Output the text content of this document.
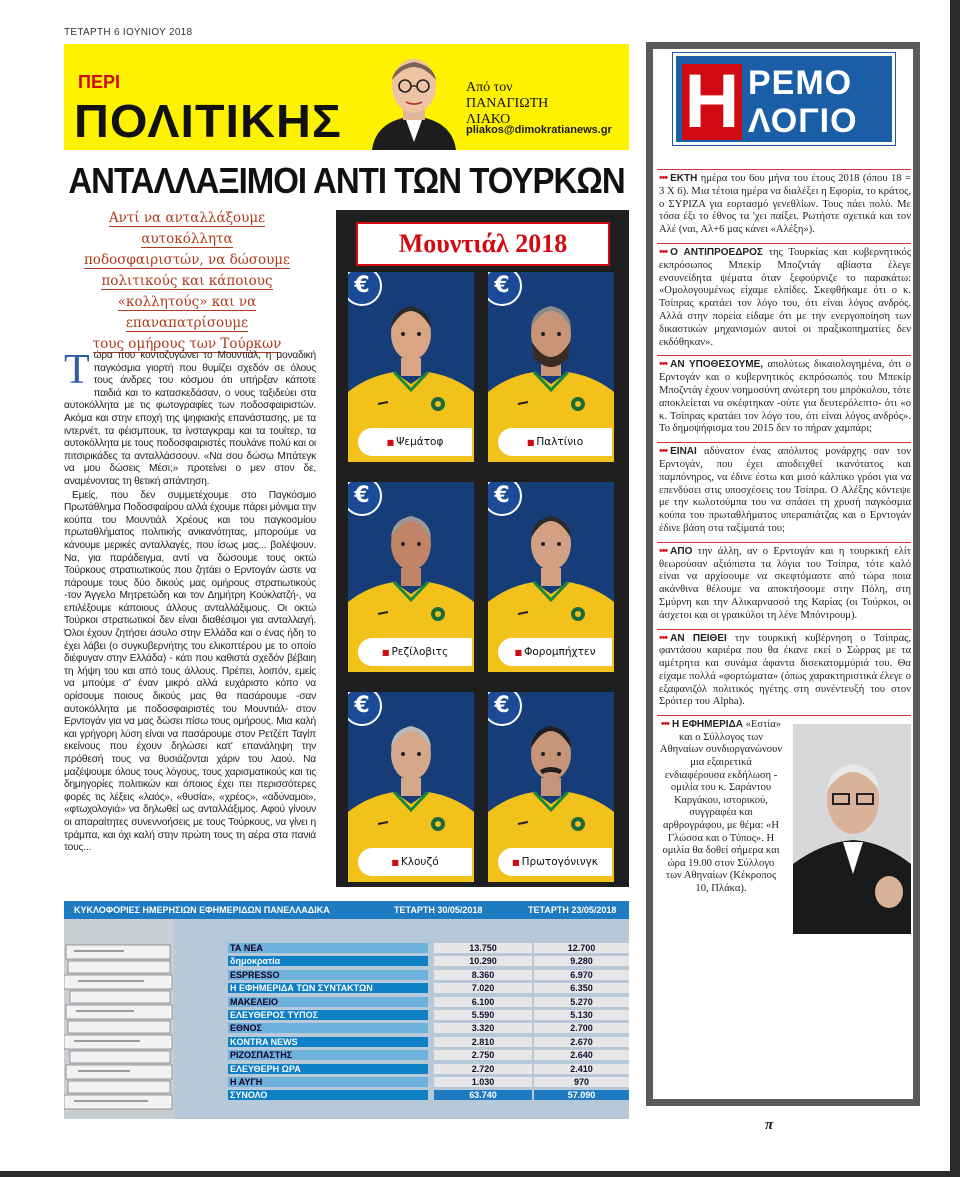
ΤΕΤΑΡΤΗ 6 ΙΟΥΝΙΟΥ 2018
ΠΕΡΙ
ΠΟΛΙΤΙΚΗΣ
Από τον
ΠΑΝΑΓΙΩΤΗ
ΛΙΑΚΟ
pliakos@dimokratianews.gr
ΑΝΤΑΛΛΑΞΙΜΟΙ ΑΝΤΙ ΤΩΝ ΤΟΥΡΚΩΝ
Αντί να ανταλλάξουμε αυτοκόλλητα
ποδοσφαιριστών, να δώσουμε
πολιτικούς και κάποιους
«κολλητούς» και να επαναπατρίσουμε
τους ομήρους των Τούρκων

Τώρα που κοντοζυγώνει το Μουντιάλ, η μοναδική παγκόσμια γιορτή που θυμίζει σχεδόν σε όλους τους άνδρες του κόσμου ότι υπήρξαν κάποτε παιδιά και το κατασκεδάσαν, ο νους ταξιδεύει στα αυτοκόλλητα με τις φωτογραφίες των ποδοσφαιριστών. Ακόμα και στην εποχή της ψηφιακής επανάστασης, με τα ιντερνέτ, τα φέισμπουκ, τα ίνσταγκραμ και τα τουίτερ, τα αυτοκόλλητα με τους ποδοσφαιριστές πουλάνε πολύ και οι πιτσιρικάδες τα ανταλλάσσουν. «Να σου δώσω Μπάτεγκ να μου δώσεις Μέσι;» προτείνει ο μεν στον δε, αναμένοντας τη θετική απάντηση.

Εμείς, που δεν συμμετέχουμε στο Παγκόσμιο Πρωτάθλημα Ποδοσφαίρου αλλά έχουμε πάρει μόνιμα την κούπα του Μουντιάλ Χρέους και του παγκοσμίου πρωταθλήματος πολιτικής ανικανότητας, μπορούμε να κάνουμε μερικές ανταλλαγές, που ίσως μας... βολέψουν. Να, για παράδειγμα, αντί να δώσουμε τους οκτώ Τούρκους στρατιωτικούς που ζητάει ο Ερντογάν ώστε να πάρουμε τους δύο δικούς μας ομήρους στρατιωτικούς -τον Άγγελο Μητρετώδη και τον Δημήτρη Κούκλατζή-, να επιλέξουμε κάποιους άλλους ανταλλάξιμους. Οι οκτώ Τούρκοι στρατιωτικοί δεν είναι διαθέσιμοι για ανταλλαγή. Όλοι έχουν ζητήσει άσυλο στην Ελλάδα και ο ένας ήδη το έχει λάβει (ο συγκυβερνήτης του ελικοπτέρου με το οποίο διέφυγαν στην Ελλάδα) - κάτι που καθιστά σχεδόν βέβαιη τη λήψη του και από τους άλλους. Πρέπει, λοιπόν, εμείς να μπούμε σ' έναν μικρό αλλά ευχάριστο κόπο να ορίσουμε ποιους δικούς μας θα πασάρουμε -σαν αυτοκόλλητα με ποδοσφαιριστές του Μουντιάλ- στον Ερντογάν για να μας δώσει πίσω τους ομήρους. Μια καλή και γρήγορη λύση είναι να πασάρουμε στον Ρετζέπ Ταγίπ εκείνους που έχουν δηλώσει κατ' επανάληψη την πρόθεσή τους να θυσιάζονται χάριν του λαού. Να μαζέψουμε όλους τους λόγους, τους χαρισματικούς και τις δημηγορίες πολιτικών και όποιος έχει πει περισσότερες φορές τις λέξεις «λαός», «θυσία», «χρέος», «αδύναμοι», «φτωχολογιά» να δηλωθεί ως ανταλλάξιμος. Αφού γίνουν οι απαραίτητες συνεννοήσεις με τους Τούρκους, να γίνει η τράμπα, και όχι καλή στην πρώτη τους τη αέρα στα πανιά τους...

Μουντιάλ 2018
€
■ Ψεμάτοφ
€
■ Παλτίνιο
€
■ Ρεζίλοβιτς
€
■ Φορομπήχτεν
€
■ Κλουζό
€
■ Πρωτογόνινγκ
ΚΥΚΛΟΦΟΡΙΕΣ ΗΜΕΡΗΣΙΩΝ ΕΦΗΜΕΡΙΔΩΝ ΠΑΝΕΛΛΑΔΙΚΑ	ΤΕΤΑΡΤΗ 30/05/2018	ΤΕΤΑΡΤΗ 23/05/2018
ΤΑ ΝΕΑ	13.750	12.700
δημοκρατία	10.290	9.280
ESPRESSO	8.360	6.970
Η ΕΦΗΜΕΡΙΔΑ ΤΩΝ ΣΥΝΤΑΚΤΩΝ	7.020	6.350
ΜΑΚΕΛΕΙΟ	6.100	5.270
ΕΛΕΥΘΕΡΟΣ ΤΥΠΟΣ	5.590	5.130
ΕΘΝΟΣ	3.320	2.700
KONTRA NEWS	2.810	2.670
ΡΙΖΟΣΠΑΣΤΗΣ	2.750	2.640
ΕΛΕΥΘΕΡΗ ΩΡΑ	2.720	2.410
Η ΑΥΓΗ	1.030	970
ΣΥΝΟΛΟ	63.740	57.090
Η ΡΕΜΟ
ΛΟΓΙΟ
••• ΕΚΤΗ ημέρα του 6ου μήνα του έτους 2018 (όπου 18 = 3 X 6). Μια τέτοια ημέρα να διαλέξει η Εφορία, το κράτος, ο ΣΥΡΙΖΑ για εορτασμό γενεθλίων. Τους πάει πολύ. Με τόσα έξι το έθνος τα 'χει παίξει. Ρωτήστε σχετικά και τον Αλέ (ναι, Αλ+6 μας κάνει «Αλέξη»).
••• Ο ΑΝΤΙΠΡΟΕΔΡΟΣ της Τουρκίας και κυβερνητικός εκπρόσωπος Μπεκίρ Μποζντάγ αβίαστα έλεγε ενσυνείδητα ψέματα όταν ξεφούρνιζε το παρακάτω: «Ομολογουμένως είχαμε ελπίδες. Σκεφθήκαμε ότι ο κ. Τσίπρας κρατάει τον λόγο του, ότι είναι λόγος ανδρός. Αλλά στην πορεία είδαμε ότι με την ενεργοποίηση των δικαστικών μηχανισμών αυτοί οι πραξικοπηματίες δεν εκδόθηκαν».
••• ΑΝ ΥΠΟΘΕΣΟΥΜΕ, απολύτως δικαιολογημένα, ότι ο Ερντογάν και ο κυβερνητικός εκπρόσωπός του Μπεκίρ Μποζντάγ έχουν νοημοσύνη ανώτερη του μπρόκολου, τότε αποκλείεται να σκέφτηκαν -ούτε για δευτερόλεπτο- ότι «ο κ. Τσίπρας κρατάει τον λόγο του, ότι είναι λόγος ανδρός». Το δημοψήφισμα του 2015 δεν το πήραν χαμπάρι;
••• ΕΙΝΑΙ αδύνατον ένας απόλυτος μονάρχης σαν τον Ερντογάν, που έχει αποδειχθεί ικανότατος και παμπόνηρος, να έδινε έστω και μισό κάλπικο γρόσι για να επενδύσει στις υποσχέσεις του Τσίπρα. Ο Αλέξης κόντεψε με την κωλοτούμπα του να σπάσει τη χρυσή παγκόσμια κούπα του πρωταθλήματος υπεραπιάτζας και ο Ερντογάν έδινε βάση στα ταξίματά του;
••• ΑΠΟ την άλλη, αν ο Ερντογάν και η τουρκική ελίτ θεωρούσαν αξιόπιστα τα λόγια του Τσίπρα, τότε καλό είναι να αρχίσουμε να σκεφτόμαστε από τώρα ποια ακάνθινα θέλουμε να αποκτήσουμε στην Πόλη, στη Σμύρνη και την Αλικαρνασσό της Καρίας (οι Τούρκοι, οι άσχετοι και οι γραικύλοι τη λένε Μπόντρουμ).
••• ΑΝ ΠΕΙΘΕΙ την τουρκική κυβέρνηση ο Τσίπρας, φαντάσου καριέρα που θα έκανε εκεί ο Σώρρας με τα αμέτρητα και συνάμα άφαντα δισεκατομμύριά του. Θα είχαμε πολλά «φορτώματα» (όπως χαρακτηριστικά έλεγε ο εξαφανιζόλ πολιτικός ηγέτης στη συνέντευξή του στον Σρόιτερ του Alpha).
••• Η ΕΦΗΜΕΡΙΔΑ «Εστία» και ο Σύλλογος των Αθηναίων συνδιοργανώνουν μια εξαιρετικά ενδιαφέρουσα εκδήλωση - ομιλία του κ. Σαράντου Καργάκου, ιστορικού, συγγραφέα και αρθρογράφου, με θέμα: «Η Γλώσσα και ο Τύπος». Η ομιλία θα δοθεί σήμερα και ώρα 19.00 στον Σύλλογο των Αθηναίων (Κέκροπος 10, Πλάκα).
π
